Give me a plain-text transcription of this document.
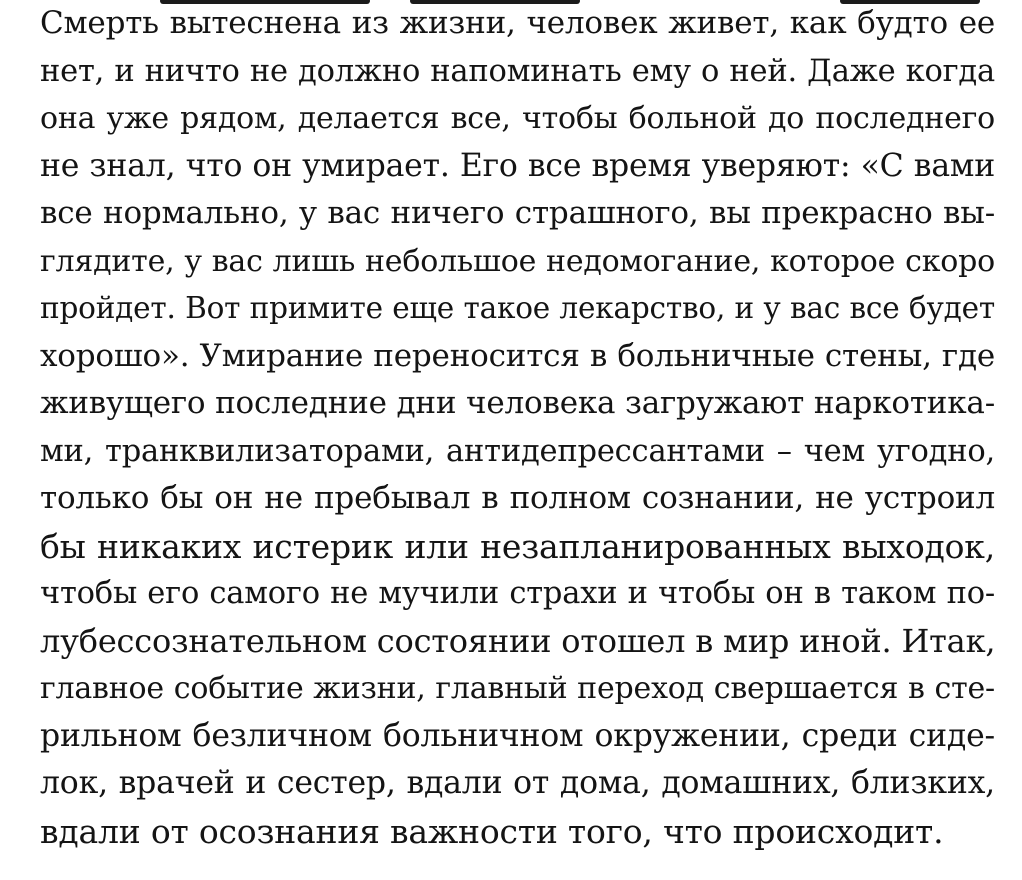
Смерть вытеснена из жизни, человек живет, как будто ее
нет, и ничто не должно напоминать ему о ней. Даже когда
она уже рядом, делается все, чтобы больной до последнего
не знал, что он умирает. Его все время уверяют: «С вами
все нормально, у вас ничего страшного, вы прекрасно вы-
глядите, у вас лишь небольшое недомогание, которое скоро
пройдет. Вот примите еще такое лекарство, и у вас все будет
хорошо». Умирание переносится в больничные стены, где
живущего последние дни человека загружают наркотика-
ми, транквилизаторами, антидепрессантами – чем угодно,
только бы он не пребывал в полном сознании, не устроил
бы никаких истерик или незапланированных выходок,
чтобы его самого не мучили страхи и чтобы он в таком по-
лубессознательном состоянии отошел в мир иной. Итак,
главное событие жизни, главный переход свершается в сте-
рильном безличном больничном окружении, среди сиде-
лок, врачей и сестер, вдали от дома, домашних, близких,
вдали от осознания важности того, что происходит.
